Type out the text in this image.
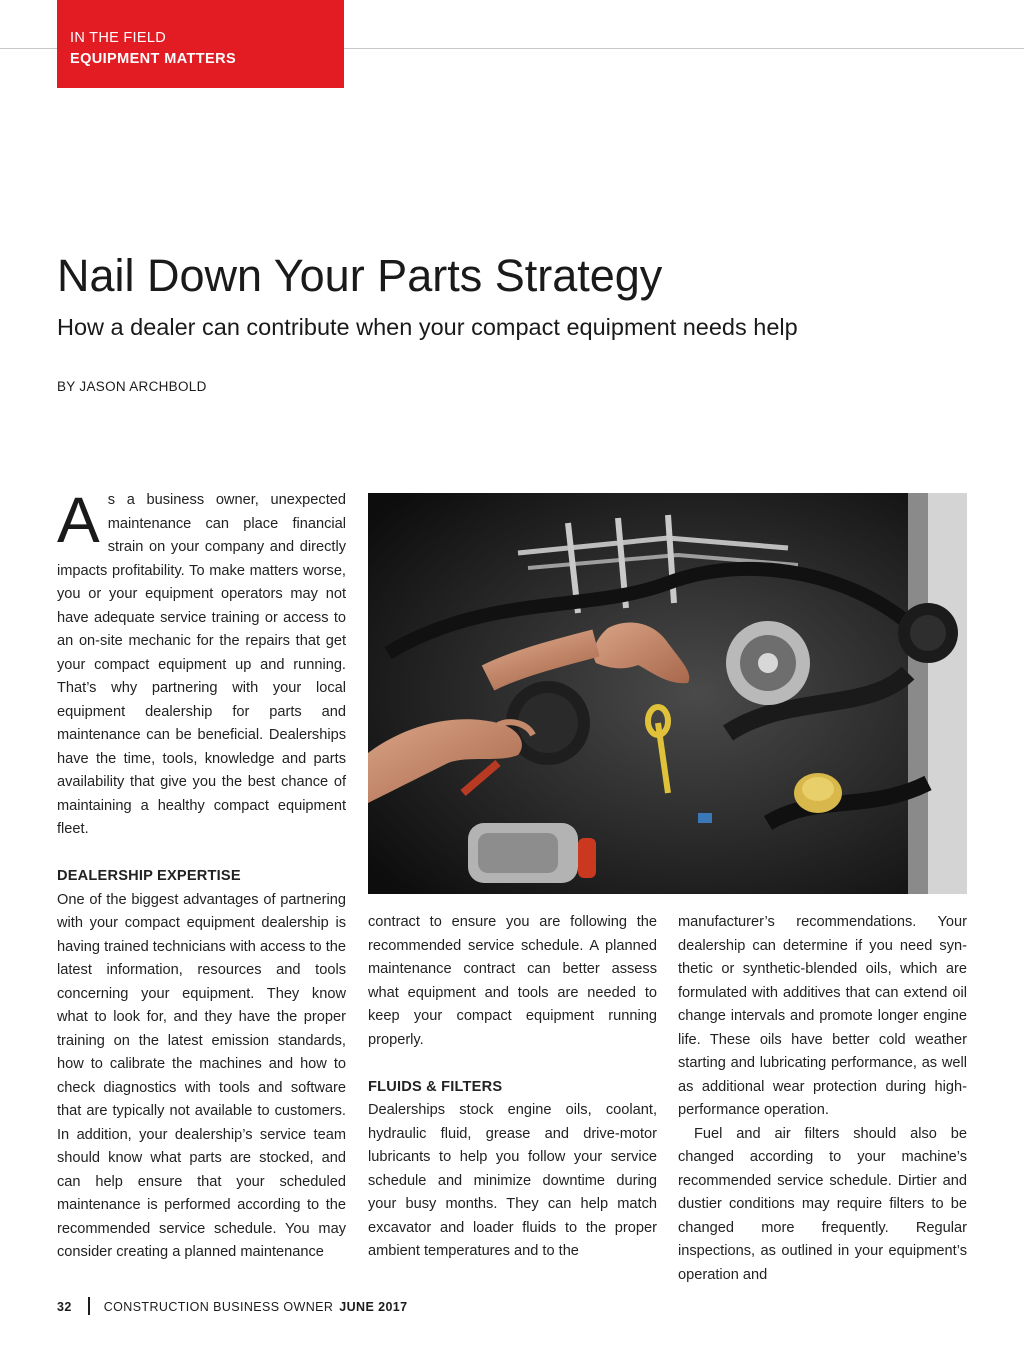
IN THE FIELD
EQUIPMENT MATTERS
Nail Down Your Parts Strategy
How a dealer can contribute when your compact equipment needs help
BY JASON ARCHBOLD

As a business owner, unexpected maintenance can place financial strain on your company and directly impacts profitability. To make matters worse, you or your equipment operators may not have adequate service training or access to an on-site mechanic for the repairs that get your compact equipment up and running. That’s why partnering with your local equipment dealership for parts and maintenance can be beneficial. Dealerships have the time, tools, knowledge and parts availability that give you the best chance of maintaining a healthy compact equipment fleet.

DEALERSHIP EXPERTISE

One of the biggest advantages of partnering with your compact equipment dealership is having trained technicians with access to the latest information, resources and tools concerning your equipment. They know what to look for, and they have the proper training on the latest emission standards, how to calibrate the machines and how to check diagnostics with tools and software that are typically not available to customers. In addition, your dealership’s service team should know what parts are stocked, and can help ensure that your scheduled maintenance is performed according to the recommended service schedule. You may consider creating a planned maintenance

contract to ensure you are following the recommended service schedule. A planned maintenance contract can better assess what equipment and tools are needed to keep your compact equipment running properly.

FLUIDS & FILTERS

Dealerships stock engine oils, coolant, hydraulic fluid, grease and drive-motor lubricants to help you follow your service schedule and minimize downtime during your busy months. They can help match excavator and loader fluids to the proper ambient temperatures and to the

manufacturer’s recommendations. Your dealership can determine if you need synthetic or synthetic-blended oils, which are formulated with additives that can extend oil change intervals and promote longer engine life. These oils have better cold weather starting and lubricating performance, as well as additional wear protection during high-performance operation.

Fuel and air filters should also be changed according to your machine’s recommended service schedule. Dirtier and dustier conditions may require filters to be changed more frequently. Regular inspections, as outlined in your equipment’s operation and

32	CONSTRUCTION BUSINESS OWNER JUNE 2017
